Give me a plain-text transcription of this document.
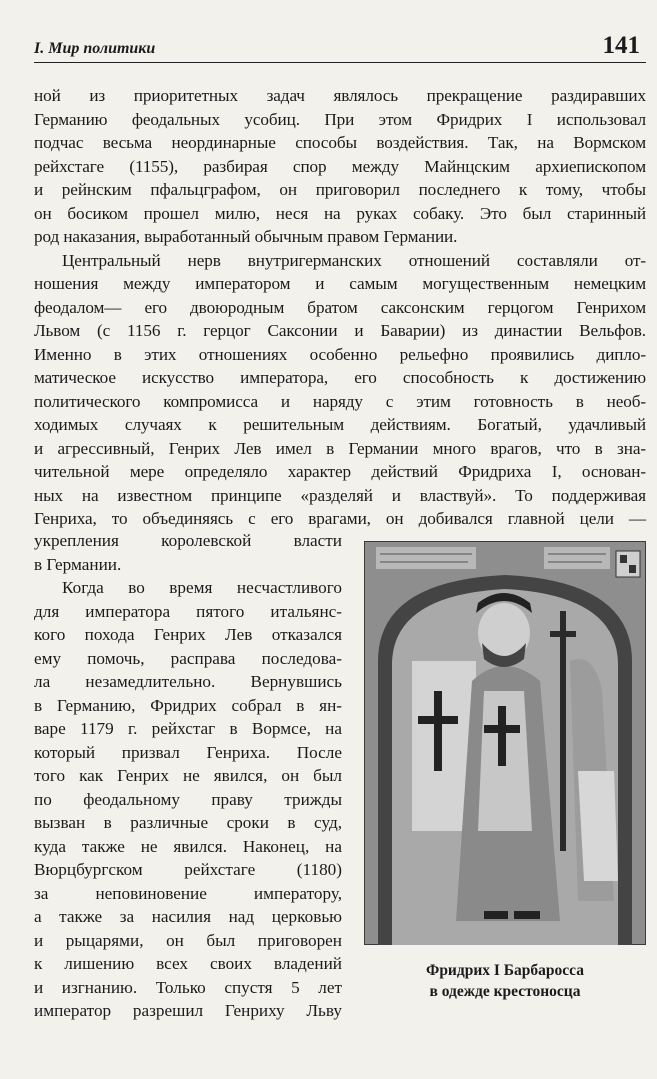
I. Мир политики	141

ной из приоритетных задач являлось прекращение раздиравших
Германию феодальных усобиц. При этом Фридрих I использовал
подчас весьма неординарные способы воздействия. Так, на Вормском
рейхстаге (1155), разбирая спор между Майнцским архиепископом
и рейнским пфальцграфом, он приговорил последнего к тому, чтобы
он босиком прошел милю, неся на руках собаку. Это был старинный
род наказания, выработанный обычным правом Германии.

Центральный нерв внутригерманских отношений составляли от-
ношения между императором и самым могущественным немецким
феодалом— его двоюродным братом саксонским герцогом Генрихом
Львом (с 1156 г. герцог Саксонии и Баварии) из династии Вельфов.
Именно в этих отношениях особенно рельефно проявились дипло-
матическое искусство императора, его способность к достижению
политического компромисса и наряду с этим готовность в необ-
ходимых случаях к решительным действиям. Богатый, удачливый
и агрессивный, Генрих Лев имел в Германии много врагов, что в зна-
чительной мере определяло характер действий Фридриха I, основан-
ных на известном принципе «разделяй и властвуй». То поддерживая
Генриха, то объединяясь с его врагами, он добивался главной цели —

укрепления королевской власти
в Германии.
Когда во время несчастливого
для императора пятого итальянс-
кого похода Генрих Лев отказался
ему помочь, расправа последова-
ла незамедлительно. Вернувшись
в Германию, Фридрих собрал в ян-
варе 1179 г. рейхстаг в Вормсе, на
который призвал Генриха. После
того как Генрих не явился, он был
по феодальному праву трижды
вызван в различные сроки в суд,
куда также не явился. Наконец, на
Вюрцбургском рейхстаге (1180)
за неповиновение императору,
а также за насилия над церковью
и рыцарями, он был приговорен
к лишению всех своих владений
и изгнанию. Только спустя 5 лет
император разрешил Генриху Льву
Фридрих I Барбаросса
в одежде крестоносца
